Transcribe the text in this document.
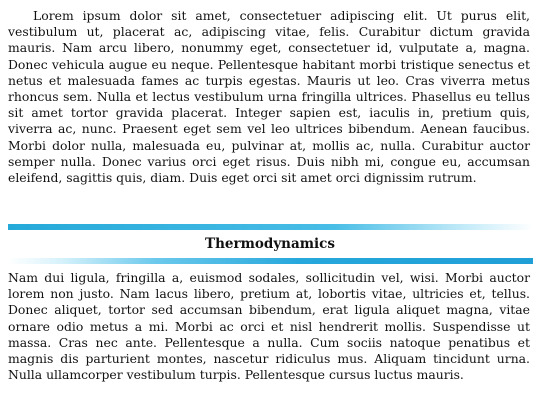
Lorem ipsum dolor sit amet, consectetuer adipiscing elit. Ut purus elit, vestibulum ut, placerat ac, adipiscing vitae, felis. Curabitur dictum gravida mauris. Nam arcu libero, nonummy eget, consectetuer id, vulputate a, magna. Donec vehicula augue eu neque. Pellentesque habitant morbi tristique senectus et netus et malesuada fames ac turpis egestas. Mauris ut leo. Cras viverra metus rhoncus sem. Nulla et lectus vestibulum urna fringilla ultrices. Phasellus eu tellus sit amet tortor gravida placerat. Integer sapien est, iaculis in, pretium quis, viverra ac, nunc. Praesent eget sem vel leo ultrices bibendum. Aenean faucibus. Morbi dolor nulla, malesuada eu, pulvinar at, mollis ac, nulla. Curabitur auctor semper nulla. Donec varius orci eget risus. Duis nibh mi, congue eu, accumsan eleifend, sagittis quis, diam. Duis eget orci sit amet orci dignissim rutrum.

Thermodynamics

Nam dui ligula, fringilla a, euismod sodales, sollicitudin vel, wisi. Morbi auctor lorem non justo. Nam lacus libero, pretium at, lobortis vitae, ultricies et, tellus. Donec aliquet, tortor sed accumsan bibendum, erat ligula aliquet magna, vitae ornare odio metus a mi. Morbi ac orci et nisl hendrerit mollis. Suspendisse ut massa. Cras nec ante. Pellentesque a nulla. Cum sociis natoque penatibus et magnis dis parturient montes, nascetur ridiculus mus. Aliquam tincidunt urna. Nulla ullamcorper vestibulum turpis. Pellentesque cursus luctus mauris.
